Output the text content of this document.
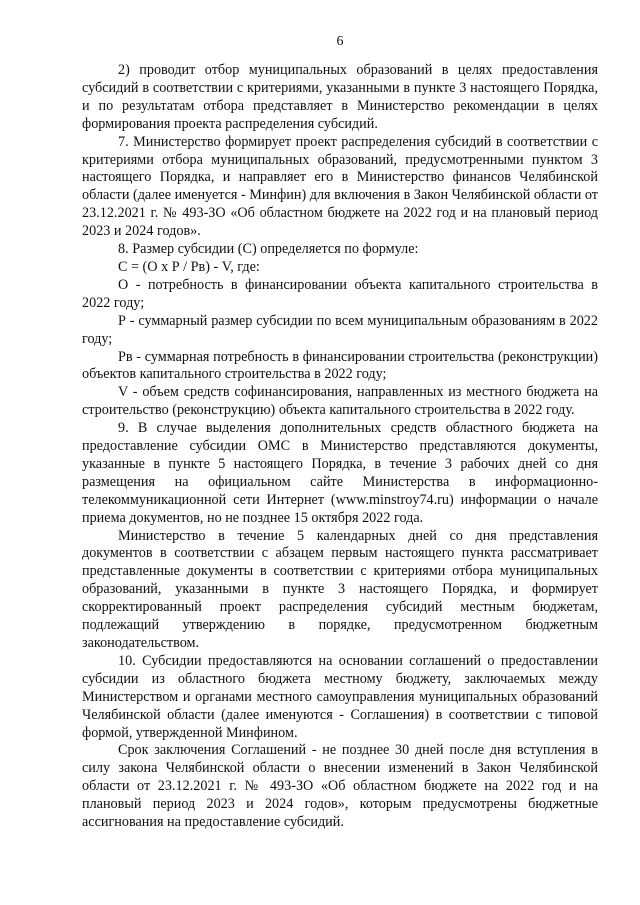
6

2) проводит отбор муниципальных образований в целях предоставления субсидий в соответствии с критериями, указанными в пункте 3 настоящего Порядка, и по результатам отбора представляет в Министерство рекомендации в целях формирования проекта распределения субсидий.

7. Министерство формирует проект распределения субсидий в соответствии с критериями отбора муниципальных образований, предусмотренными пунктом 3 настоящего Порядка, и направляет его в Министерство финансов Челябинской области (далее именуется - Минфин) для включения в Закон Челябинской области от 23.12.2021 г. № 493-ЗО «Об областном бюджете на 2022 год и на плановый период 2023 и 2024 годов».

8. Размер субсидии (С) определяется по формуле:

С = (О х Р / Рв) - V, где:

О - потребность в финансировании объекта капитального строительства в 2022 году;

Р - суммарный размер субсидии по всем муниципальным образованиям в 2022 году;

Рв - суммарная потребность в финансировании строительства (реконструкции) объектов капитального строительства в 2022 году;

V - объем средств софинансирования, направленных из местного бюджета на строительство (реконструкцию) объекта капитального строительства в 2022 году.

9. В случае выделения дополнительных средств областного бюджета на предоставление субсидии ОМС в Министерство представляются документы, указанные в пункте 5 настоящего Порядка, в течение 3 рабочих дней со дня размещения на официальном сайте Министерства в информационно-телекоммуникационной сети Интернет (www.minstroy74.ru) информации о начале приема документов, но не позднее 15 октября 2022 года.

Министерство в течение 5 календарных дней со дня представления документов в соответствии с абзацем первым настоящего пункта рассматривает представленные документы в соответствии с критериями отбора муниципальных образований, указанными в пункте 3 настоящего Порядка, и формирует скорректированный проект распределения субсидий местным бюджетам, подлежащий утверждению в порядке, предусмотренном бюджетным законодательством.

10. Субсидии предоставляются на основании соглашений о предоставлении субсидии из областного бюджета местному бюджету, заключаемых между Министерством и органами местного самоуправления муниципальных образований Челябинской области (далее именуются - Соглашения) в соответствии с типовой формой, утвержденной Минфином.

Срок заключения Соглашений - не позднее 30 дней после дня вступления в силу закона Челябинской области о внесении изменений в Закон Челябинской области от 23.12.2021 г. № 493-ЗО «Об областном бюджете на 2022 год и на плановый период 2023 и 2024 годов», которым предусмотрены бюджетные ассигнования на предоставление субсидий.
